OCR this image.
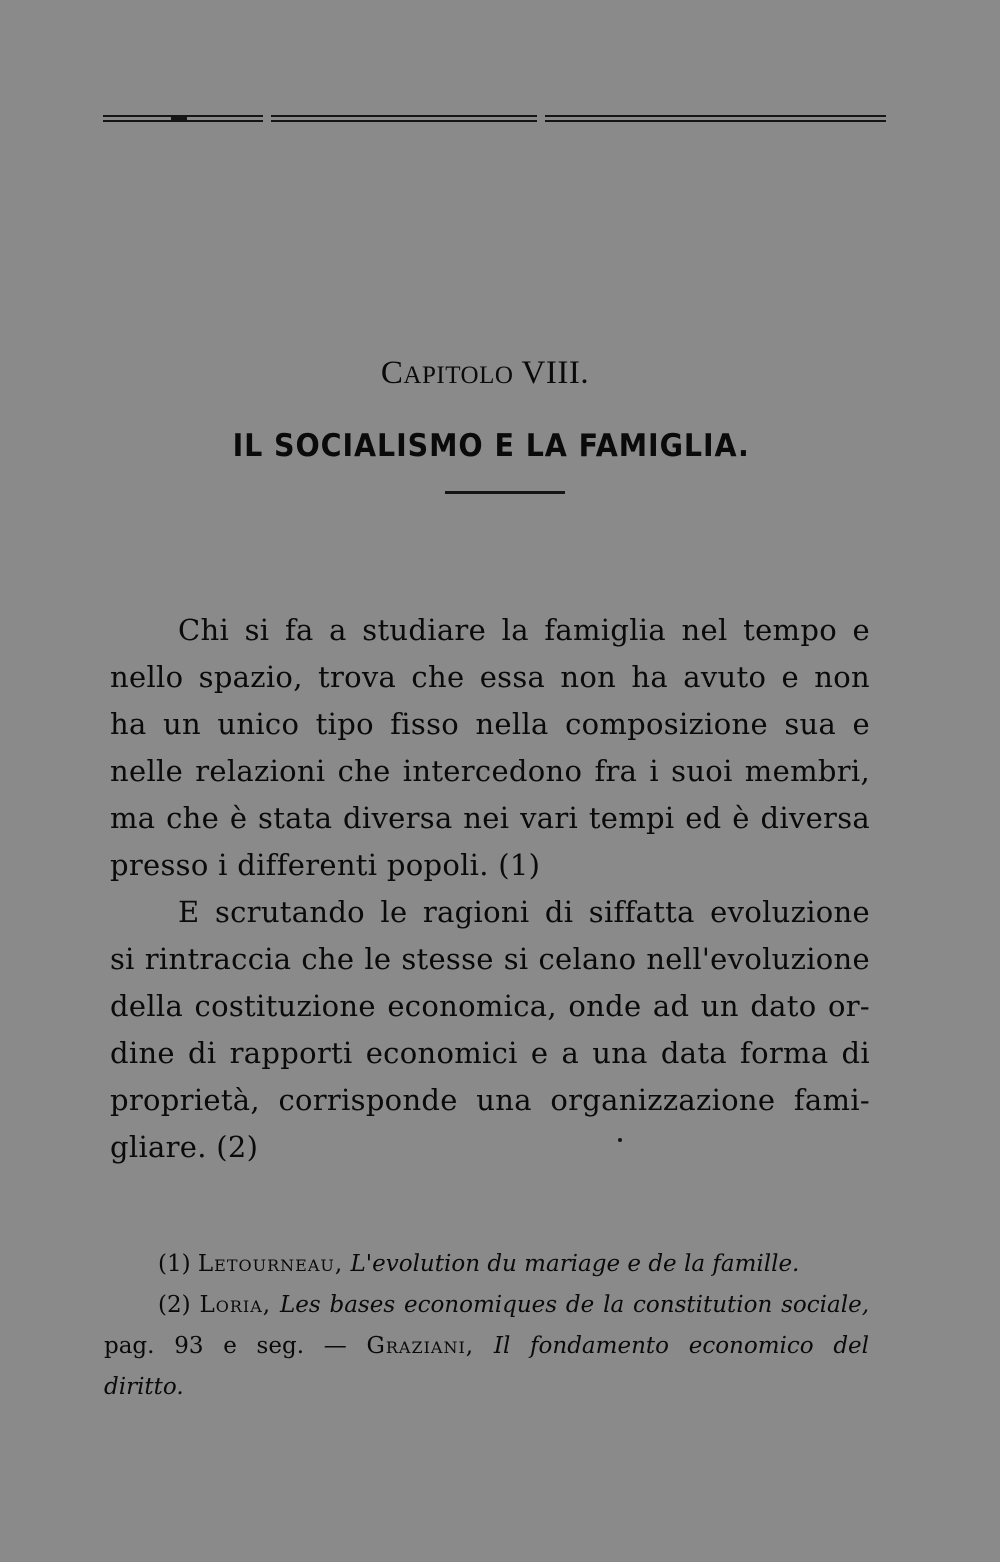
CAPITOLO VIII.
IL SOCIALISMO E LA FAMIGLIA.
Chi si fa a studiare la famiglia nel tempo e
nello spazio, trova che essa non ha avuto e non
ha un unico tipo fisso nella composizione sua e
nelle relazioni che intercedono fra i suoi membri,
ma che è stata diversa nei vari tempi ed è diversa
presso i differenti popoli. (1)
E scrutando le ragioni di siffatta evoluzione
si rintraccia che le stesse si celano nell'evoluzione
della costituzione economica, onde ad un dato or-
dine di rapporti economici e a una data forma di
proprietà, corrisponde una organizzazione fami-
gliare. (2)
(1) Letourneau, L'evolution du mariage e de la famille.
(2) Loria, Les bases economiques de la constitution sociale,
pag. 93 e seg. — Graziani, Il fondamento economico del
diritto.
